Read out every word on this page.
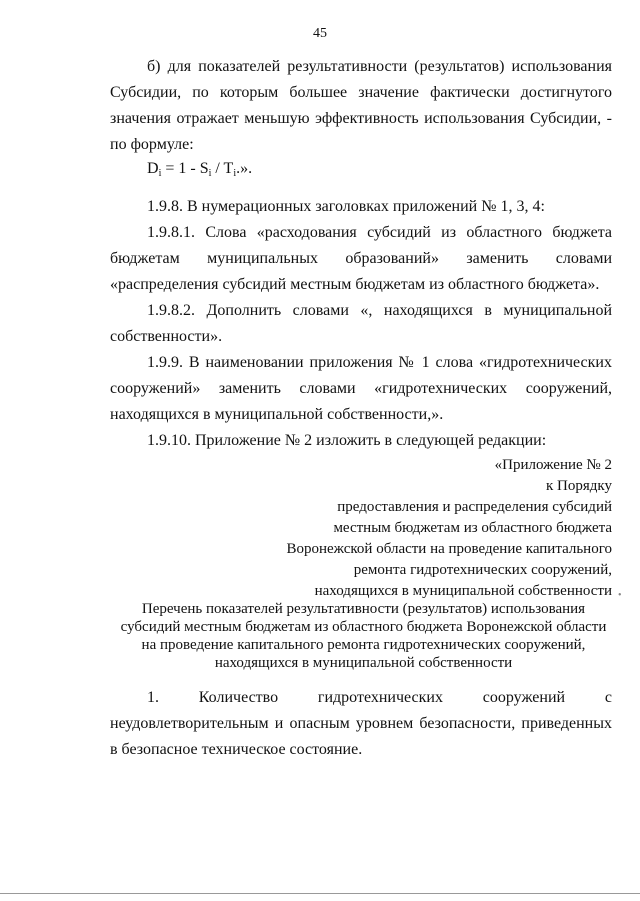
45

б) для показателей результативности (результатов) использования Субсидии, по которым большее значение фактически достигнутого значения отражает меньшую эффективность использования Субсидии, - по формуле:

$D_i = 1 - S_i / T_i$.».

1.9.8. В нумерационных заголовках приложений № 1, 3, 4:

1.9.8.1. Слова «расходования субсидий из областного бюджета бюджетам муниципальных образований» заменить словами «распределения субсидий местным бюджетам из областного бюджета».

1.9.8.2. Дополнить словами «, находящихся в муниципальной собственности».

1.9.9. В наименовании приложения № 1 слова «гидротехнических сооружений» заменить словами «гидротехнических сооружений, находящихся в муниципальной собственности,».

1.9.10. Приложение № 2 изложить в следующей редакции:

«Приложение № 2
к Порядку
предоставления и распределения субсидий
местным бюджетам из областного бюджета
Воронежской области на проведение капитального
ремонта гидротехнических сооружений,
находящихся в муниципальной собственности •
Перечень показателей результативности (результатов) использования
субсидий местным бюджетам из областного бюджета Воронежской области
на проведение капитального ремонта гидротехнических сооружений,
находящихся в муниципальной собственности

1. Количество гидротехнических сооружений с неудовлетворительным и опасным уровнем безопасности, приведенных в безопасное техническое состояние.
